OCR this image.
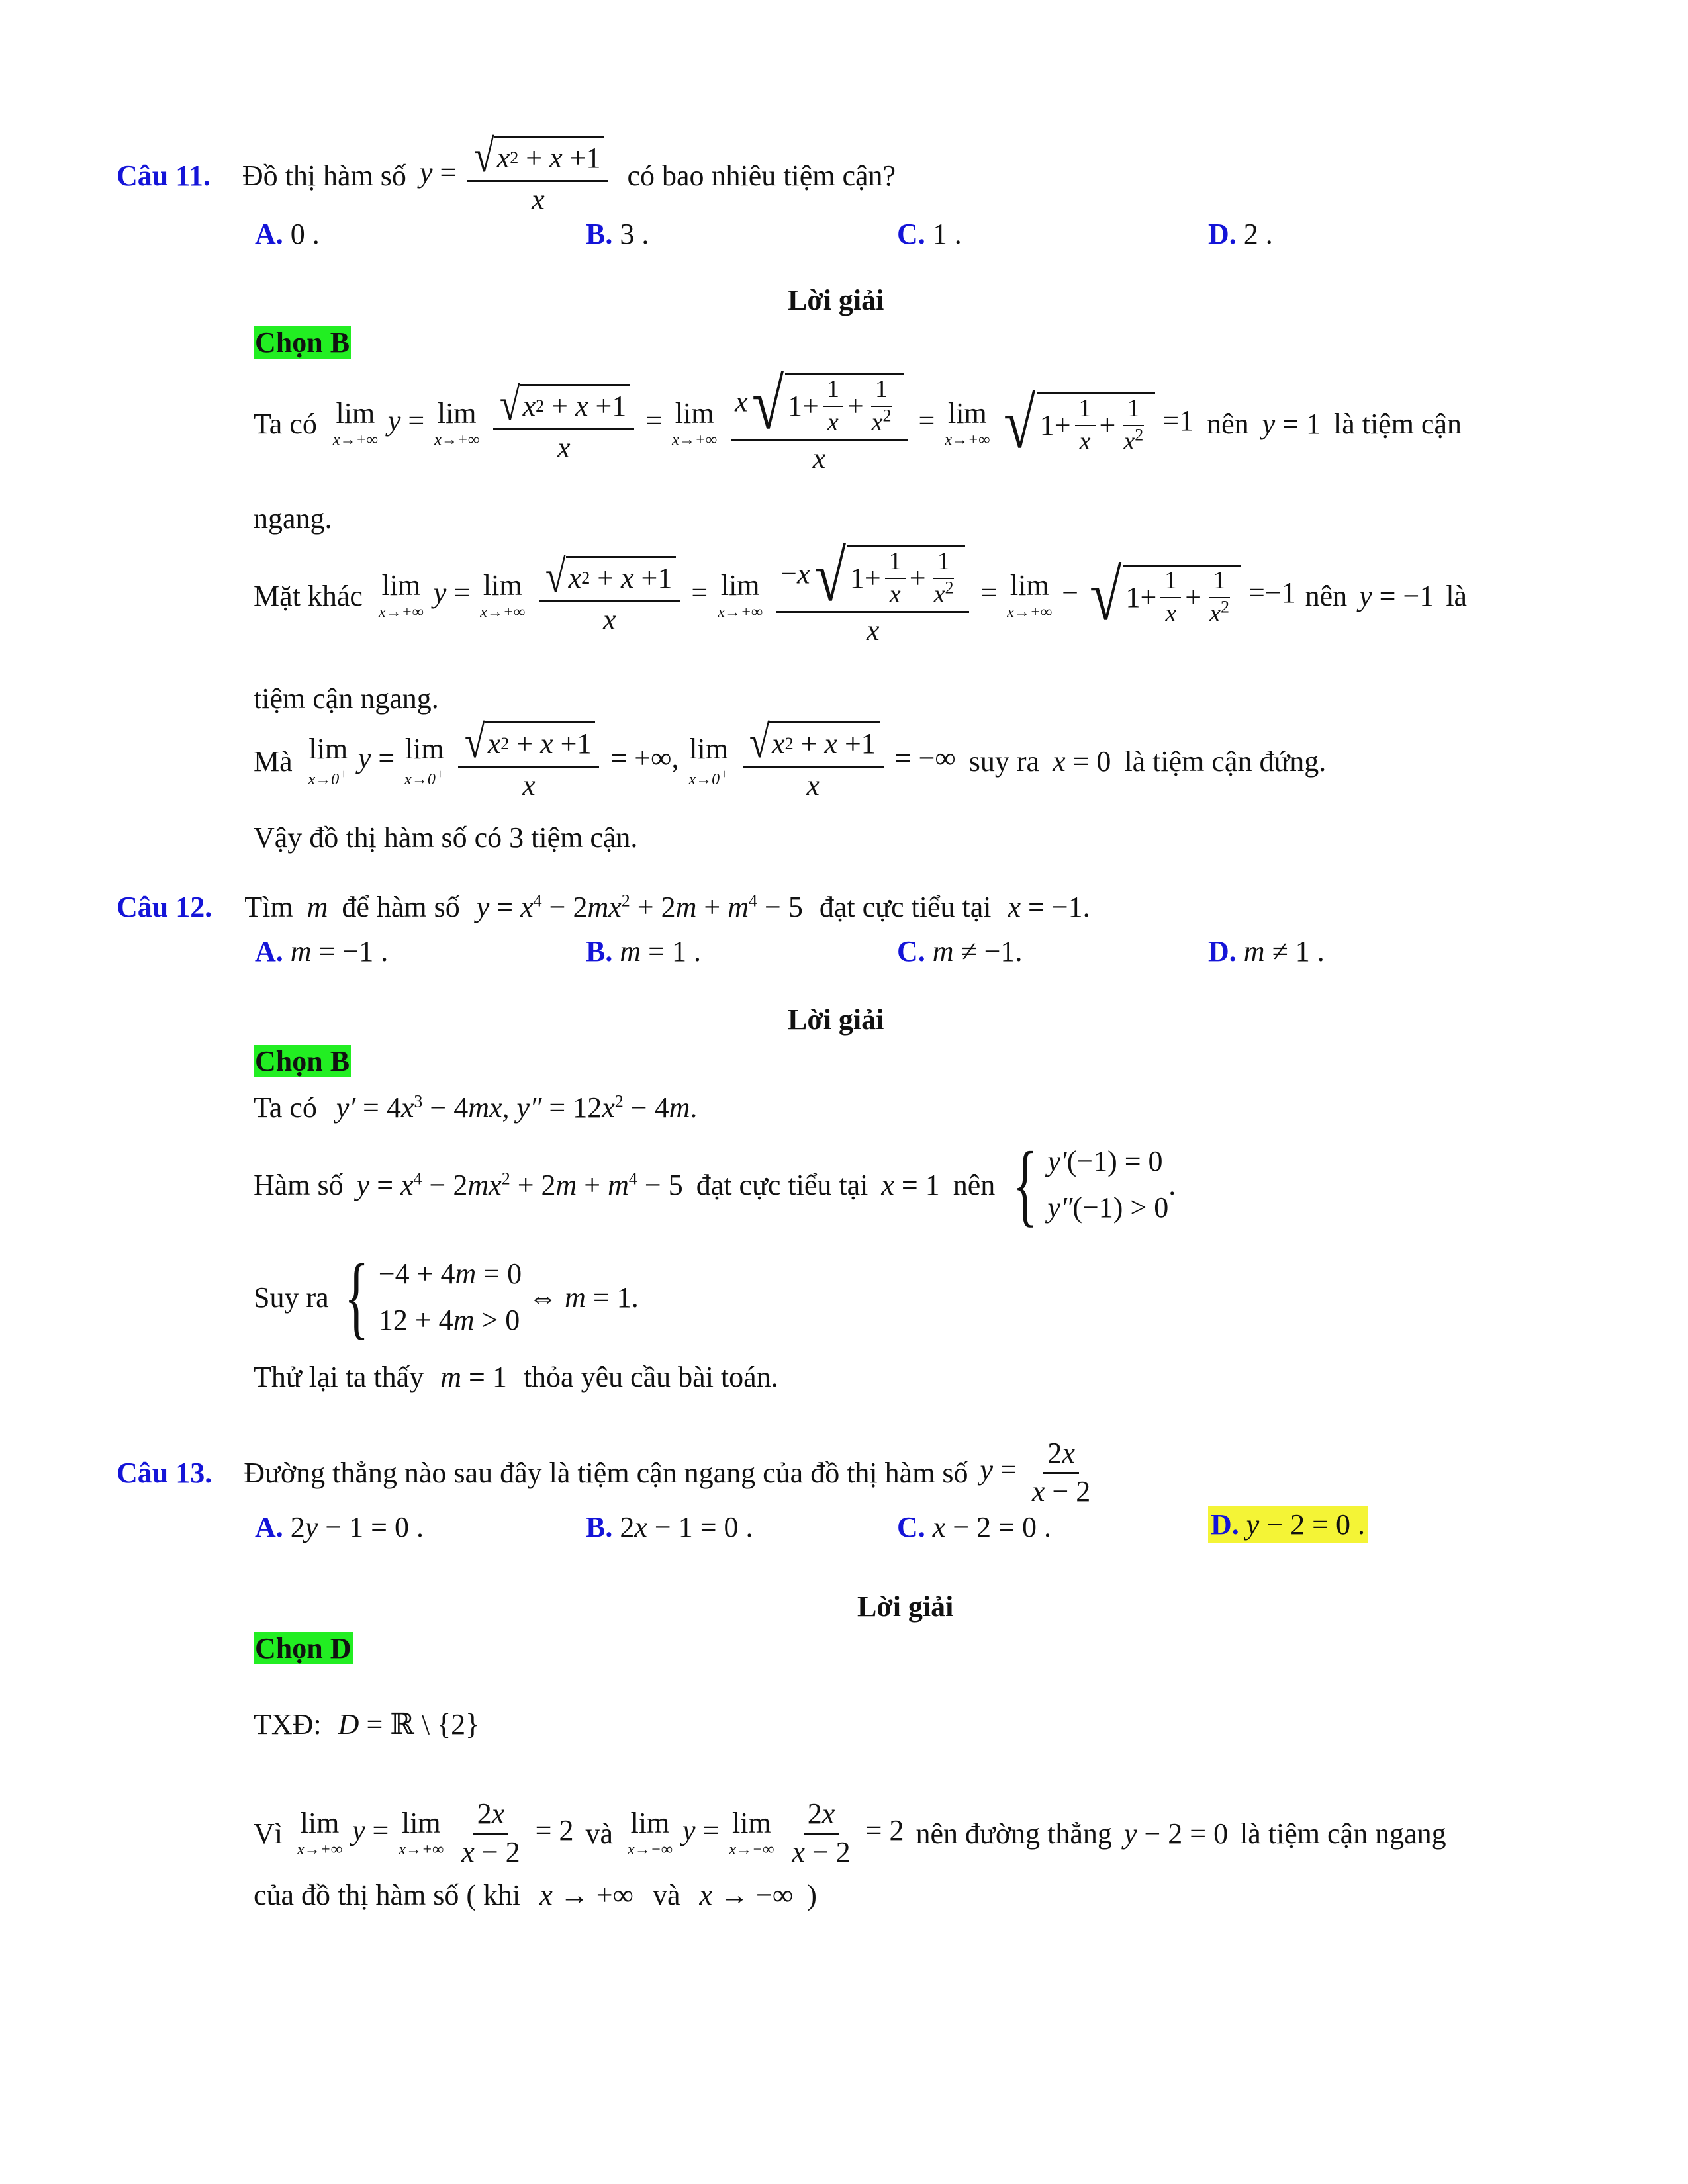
Câu 11. Đồ thị hàm số $y = \frac{√ x 2 + x +1}{x}$ có bao nhiêu tiệm cận?
A. 0 .	B. 3 .	C. 1 .	D. 2 .
Lời giải
Chọn B
Ta có lim
x→+∞
y = lim
x→+∞
$\frac{√ x 2 + x +1}{x} = \lim$
x→+∞
$\frac{x √ 1+ \frac{1}{x} + \frac{1}{x^2}}{x} = \lim$
x→+∞
√ $1+ \frac{1}{x} + \frac{1}{x^2} =1$ nên y = 1 là tiệm cận
ngang.
Mặt khác lim
x→+∞
y = lim
x→+∞
$\frac{√ x 2 + x +1}{x} = \lim$
x→+∞
$\frac{-x √ 1+ \frac{1}{x} + \frac{1}{x^2}}{x} = \lim$
x→+∞
− √ $1+ \frac{1}{x} + \frac{1}{x^2} =-1$ nên y = −1 là
tiệm cận ngang.
Mà lim
x→0+ y = lim
x→0+
$\frac{√ x 2 + x +1}{x}$ = +∞, lim
x→0+
$\frac{√ x 2 + x +1}{x}$ = −∞ suy ra x = 0 là tiệm cận đứng.
Vậy đồ thị hàm số có 3 tiệm cận.
Câu 12. Tìm m để hàm số $y = x^4 - 2mx^2 + 2m + m^4 - 5$ đạt cực tiểu tại x = −1.
A. m = −1 .	B. m = 1 .	C. m ≠ −1.	D. m ≠ 1 .
Lời giải
Chọn B
Ta có $y' = 4x^3 - 4mx$, $y'' = 12x^2 - 4m$.
Hàm số $y = x^4 - 2mx^2 + 2m + m^4 - 5$ đạt cực tiểu tại x = 1 nên { y′(−1) = 0
y″(−1) > 0
.
Suy ra { −4 + 4m = 0
12 + 4m > 0
⇔ m = 1.
Thử lại ta thấy m = 1 thỏa yêu cầu bài toán.
Câu 13. Đường thẳng nào sau đây là tiệm cận ngang của đồ thị hàm số $y = \frac{2x}{x - 2}$
A. 2y − 1 = 0 .	B. 2x − 1 = 0 .	C. x − 2 = 0 .	D. y − 2 = 0 .
Lời giải
Chọn D
TXĐ: D = ℝ \ {2}
Vì lim
x→+∞
y = lim
x→+∞
$\frac{2x}{x - 2} = 2$ và lim
x→−∞
y = lim
x→−∞
$\frac{2x}{x - 2} = 2$ nên đường thẳng y − 2 = 0 là tiệm cận ngang
của đồ thị hàm số ( khi x → +∞ và x → −∞ )
